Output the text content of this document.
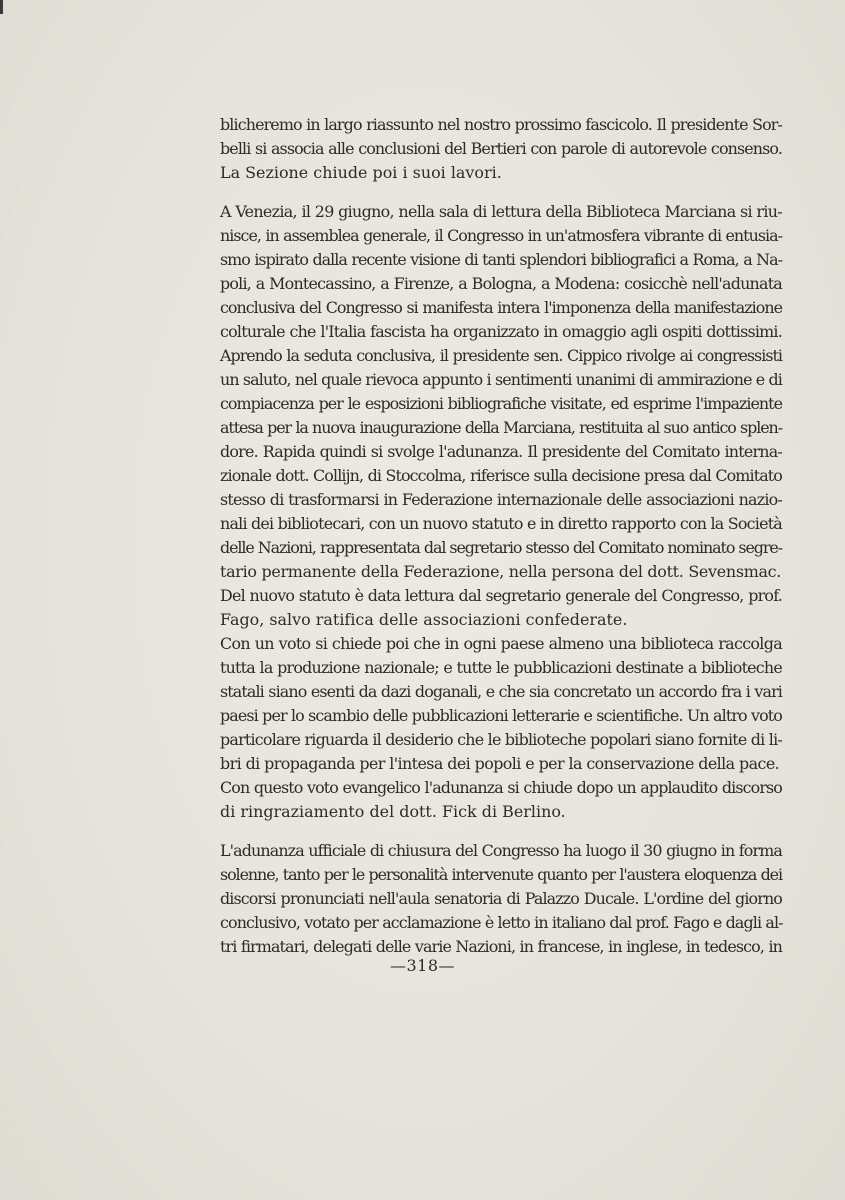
blicheremo in largo riassunto nel nostro prossimo fascicolo. Il presidente Sor-
belli si associa alle conclusioni del Bertieri con parole di autorevole consenso.
La Sezione chiude poi i suoi lavori.

A Venezia, il 29 giugno, nella sala di lettura della Biblioteca Marciana si riu-
nisce, in assemblea generale, il Congresso in un'atmosfera vibrante di entusia-
smo ispirato dalla recente visione di tanti splendori bibliografici a Roma, a Na-
poli, a Montecassino, a Firenze, a Bologna, a Modena: cosicchè nell'adunata
conclusiva del Congresso si manifesta intera l'imponenza della manifestazione
colturale che l'Italia fascista ha organizzato in omaggio agli ospiti dottissimi.
Aprendo la seduta conclusiva, il presidente sen. Cippico rivolge ai congressisti
un saluto, nel quale rievoca appunto i sentimenti unanimi di ammirazione e di
compiacenza per le esposizioni bibliografiche visitate, ed esprime l'impaziente
attesa per la nuova inaugurazione della Marciana, restituita al suo antico splen-
dore. Rapida quindi si svolge l'adunanza. Il presidente del Comitato interna-
zionale dott. Collijn, di Stoccolma, riferisce sulla decisione presa dal Comitato
stesso di trasformarsi in Federazione internazionale delle associazioni nazio-
nali dei bibliotecari, con un nuovo statuto e in diretto rapporto con la Società
delle Nazioni, rappresentata dal segretario stesso del Comitato nominato segre-
tario permanente della Federazione, nella persona del dott. Sevensmac.

Del nuovo statuto è data lettura dal segretario generale del Congresso, prof.
Fago, salvo ratifica delle associazioni confederate.

Con un voto si chiede poi che in ogni paese almeno una biblioteca raccolga
tutta la produzione nazionale; e tutte le pubblicazioni destinate a biblioteche
statali siano esenti da dazi doganali, e che sia concretato un accordo fra i vari
paesi per lo scambio delle pubblicazioni letterarie e scientifiche. Un altro voto
particolare riguarda il desiderio che le biblioteche popolari siano fornite di li-
bri di propaganda per l'intesa dei popoli e per la conservazione della pace.

Con questo voto evangelico l'adunanza si chiude dopo un applaudito discorso
di ringraziamento del dott. Fick di Berlino.

L'adunanza ufficiale di chiusura del Congresso ha luogo il 30 giugno in forma
solenne, tanto per le personalità intervenute quanto per l'austera eloquenza dei
discorsi pronunciati nell'aula senatoria di Palazzo Ducale. L'ordine del giorno
conclusivo, votato per acclamazione è letto in italiano dal prof. Fago e dagli al-
tri firmatari, delegati delle varie Nazioni, in francese, in inglese, in tedesco, in

—318—
